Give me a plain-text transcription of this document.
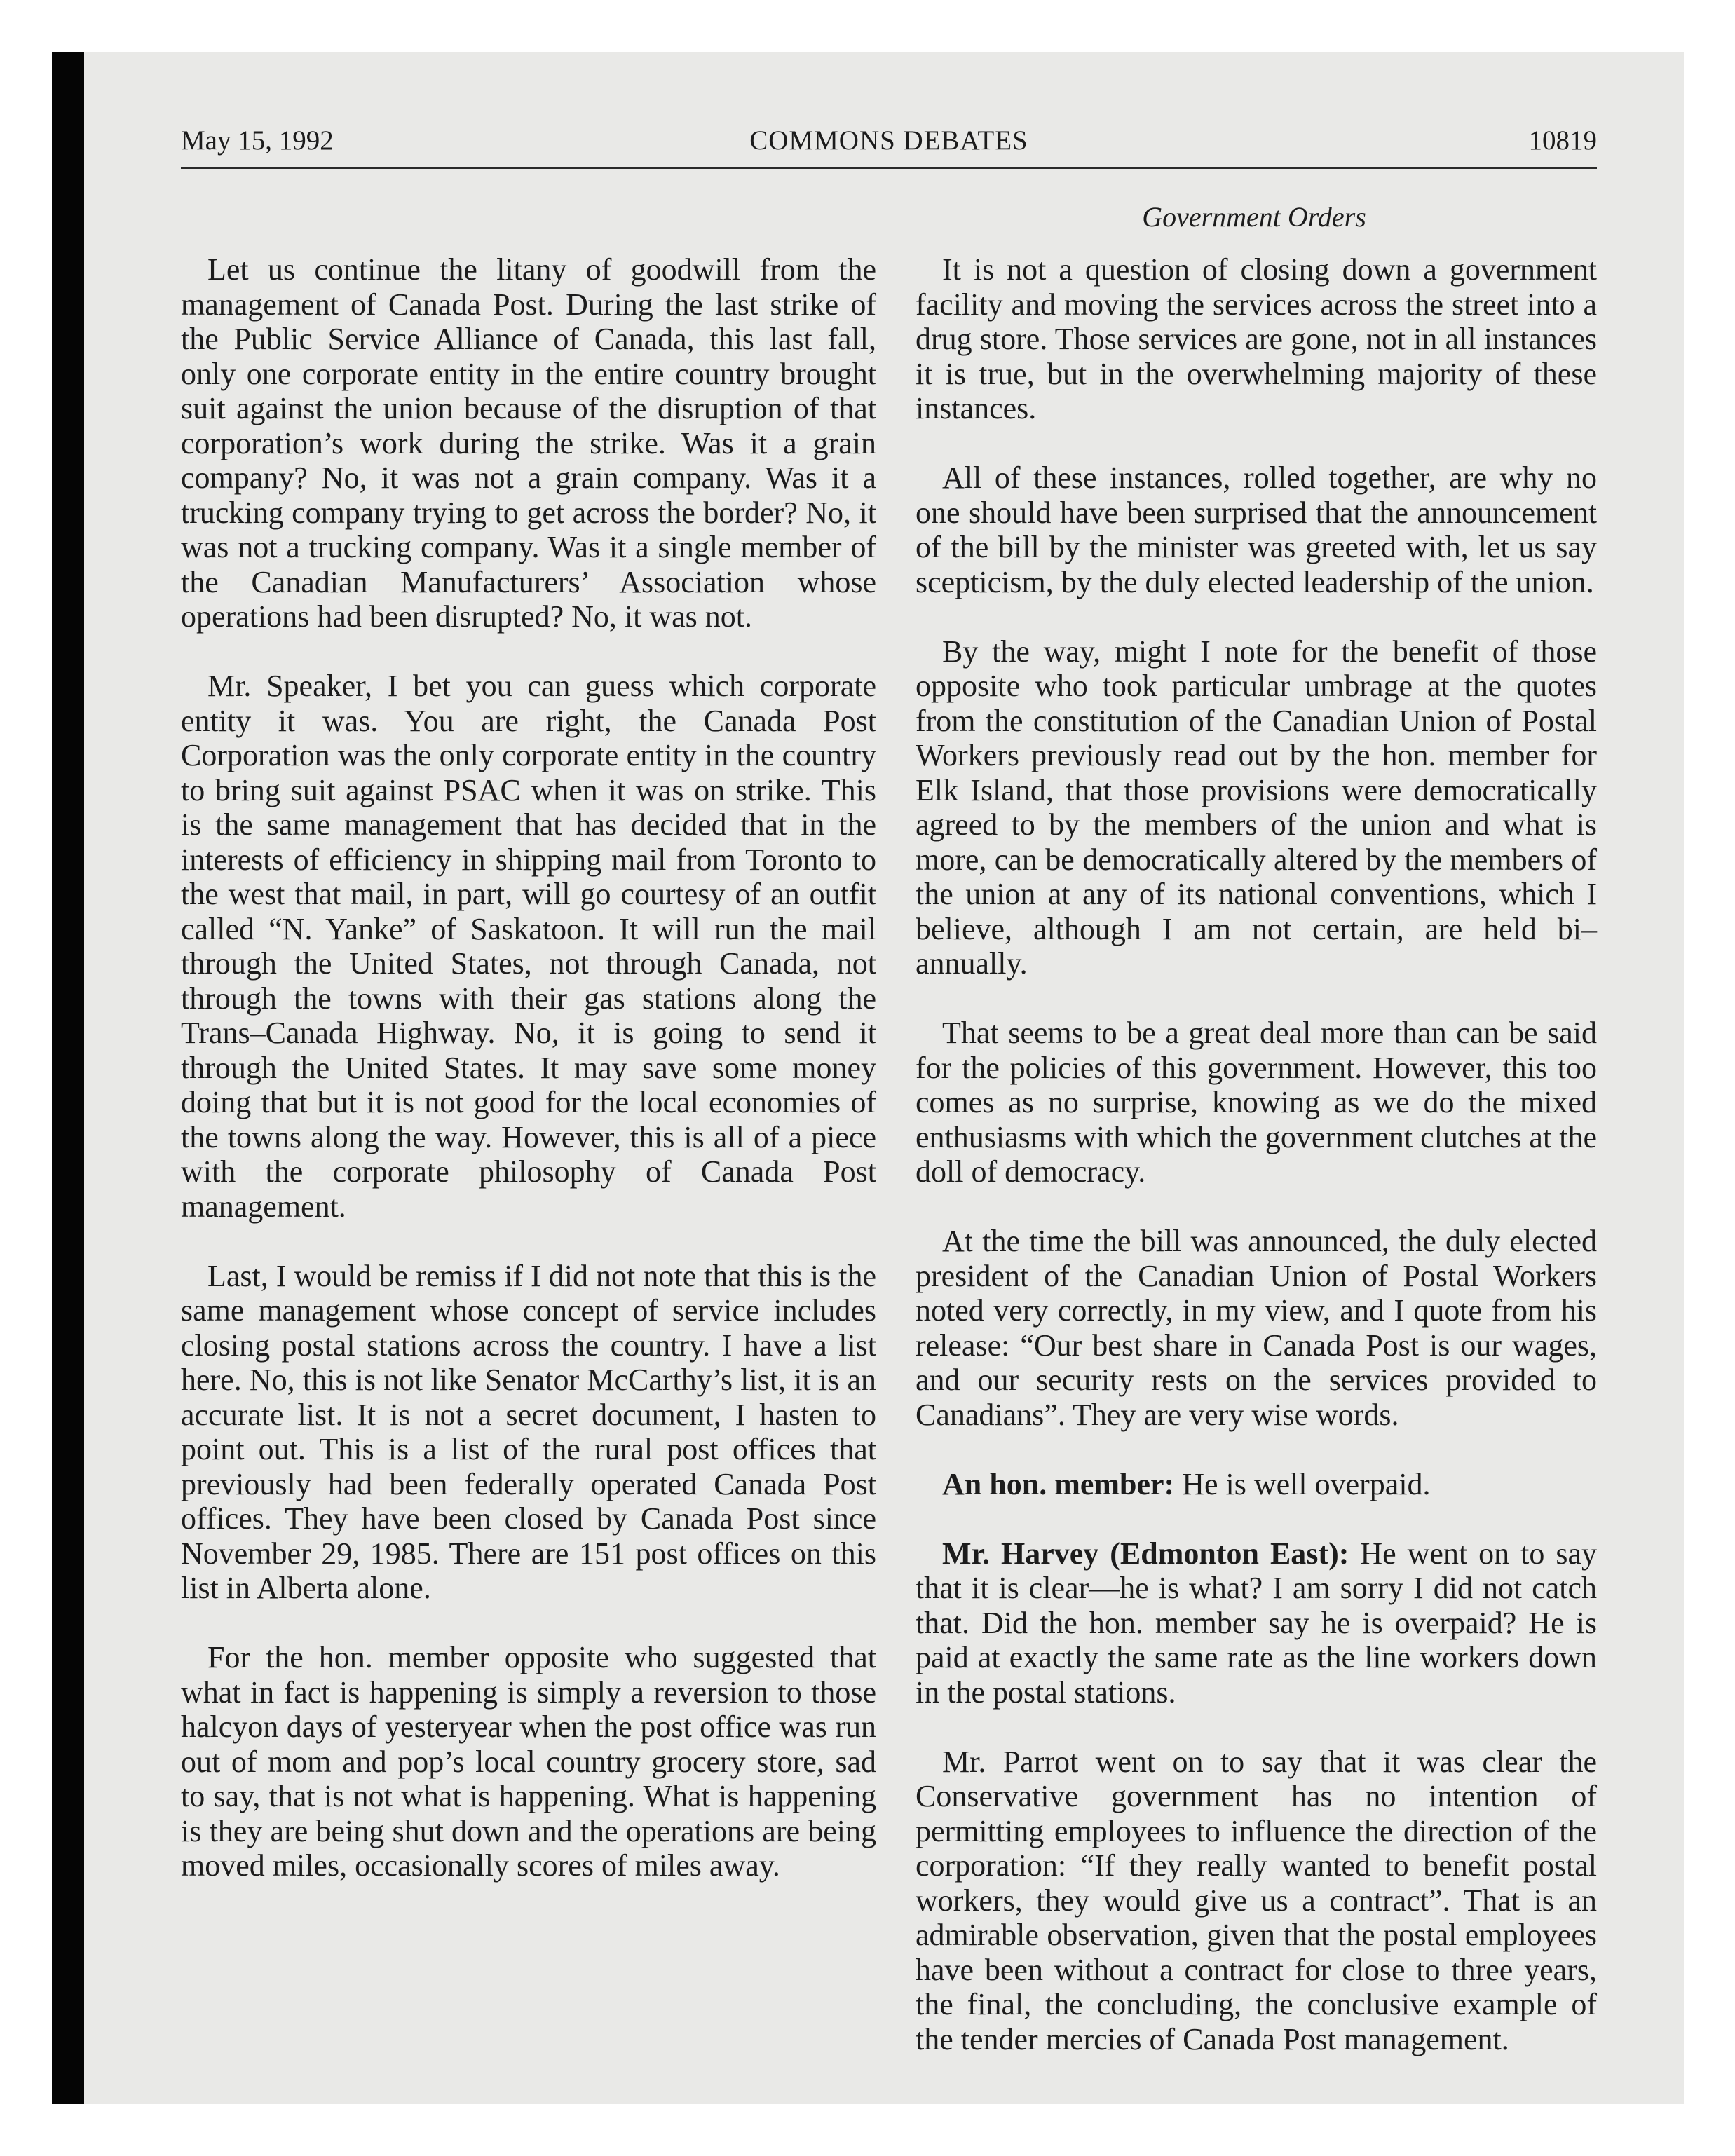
May 15, 1992	COMMONS DEBATES	10819
Government Orders

Let us continue the litany of goodwill from the management of Canada Post. During the last strike of the Public Service Alliance of Canada, this last fall, only one corporate entity in the entire country brought suit against the union because of the disruption of that corporation’s work during the strike. Was it a grain company? No, it was not a grain company. Was it a trucking company trying to get across the border? No, it was not a trucking company. Was it a single member of the Canadian Manufacturers’ Association whose operations had been disrupted? No, it was not.

Mr. Speaker, I bet you can guess which corporate entity it was. You are right, the Canada Post Corporation was the only corporate entity in the country to bring suit against PSAC when it was on strike. This is the same management that has decided that in the interests of efficiency in shipping mail from Toronto to the west that mail, in part, will go courtesy of an outfit called “N. Yanke” of Saskatoon. It will run the mail through the United States, not through Canada, not through the towns with their gas stations along the Trans–Canada Highway. No, it is going to send it through the United States. It may save some money doing that but it is not good for the local economies of the towns along the way. However, this is all of a piece with the corporate philosophy of Canada Post management.

Last, I would be remiss if I did not note that this is the same management whose concept of service includes closing postal stations across the country. I have a list here. No, this is not like Senator McCarthy’s list, it is an accurate list. It is not a secret document, I hasten to point out. This is a list of the rural post offices that previously had been federally operated Canada Post offices. They have been closed by Canada Post since November 29, 1985. There are 151 post offices on this list in Alberta alone.

For the hon. member opposite who suggested that what in fact is happening is simply a reversion to those halcyon days of yesteryear when the post office was run out of mom and pop’s local country grocery store, sad to say, that is not what is happening. What is happening is they are being shut down and the operations are being moved miles, occasionally scores of miles away.

It is not a question of closing down a government facility and moving the services across the street into a drug store. Those services are gone, not in all instances it is true, but in the overwhelming majority of these instances.

All of these instances, rolled together, are why no one should have been surprised that the announcement of the bill by the minister was greeted with, let us say scepticism, by the duly elected leadership of the union.

By the way, might I note for the benefit of those opposite who took particular umbrage at the quotes from the constitution of the Canadian Union of Postal Workers previously read out by the hon. member for Elk Island, that those provisions were democratically agreed to by the members of the union and what is more, can be democratically altered by the members of the union at any of its national conventions, which I believe, although I am not certain, are held bi–annually.

That seems to be a great deal more than can be said for the policies of this government. However, this too comes as no surprise, knowing as we do the mixed enthusiasms with which the government clutches at the doll of democracy.

At the time the bill was announced, the duly elected president of the Canadian Union of Postal Workers noted very correctly, in my view, and I quote from his release: “Our best share in Canada Post is our wages, and our security rests on the services provided to Canadians”. They are very wise words.

An hon. member: He is well overpaid.

Mr. Harvey (Edmonton East): He went on to say that it is clear—he is what? I am sorry I did not catch that. Did the hon. member say he is overpaid? He is paid at exactly the same rate as the line workers down in the postal stations.

Mr. Parrot went on to say that it was clear the Conservative government has no intention of permitting employees to influence the direction of the corporation: “If they really wanted to benefit postal workers, they would give us a contract”. That is an admirable observation, given that the postal employees have been without a contract for close to three years, the final, the concluding, the conclusive example of the tender mercies of Canada Post management.
